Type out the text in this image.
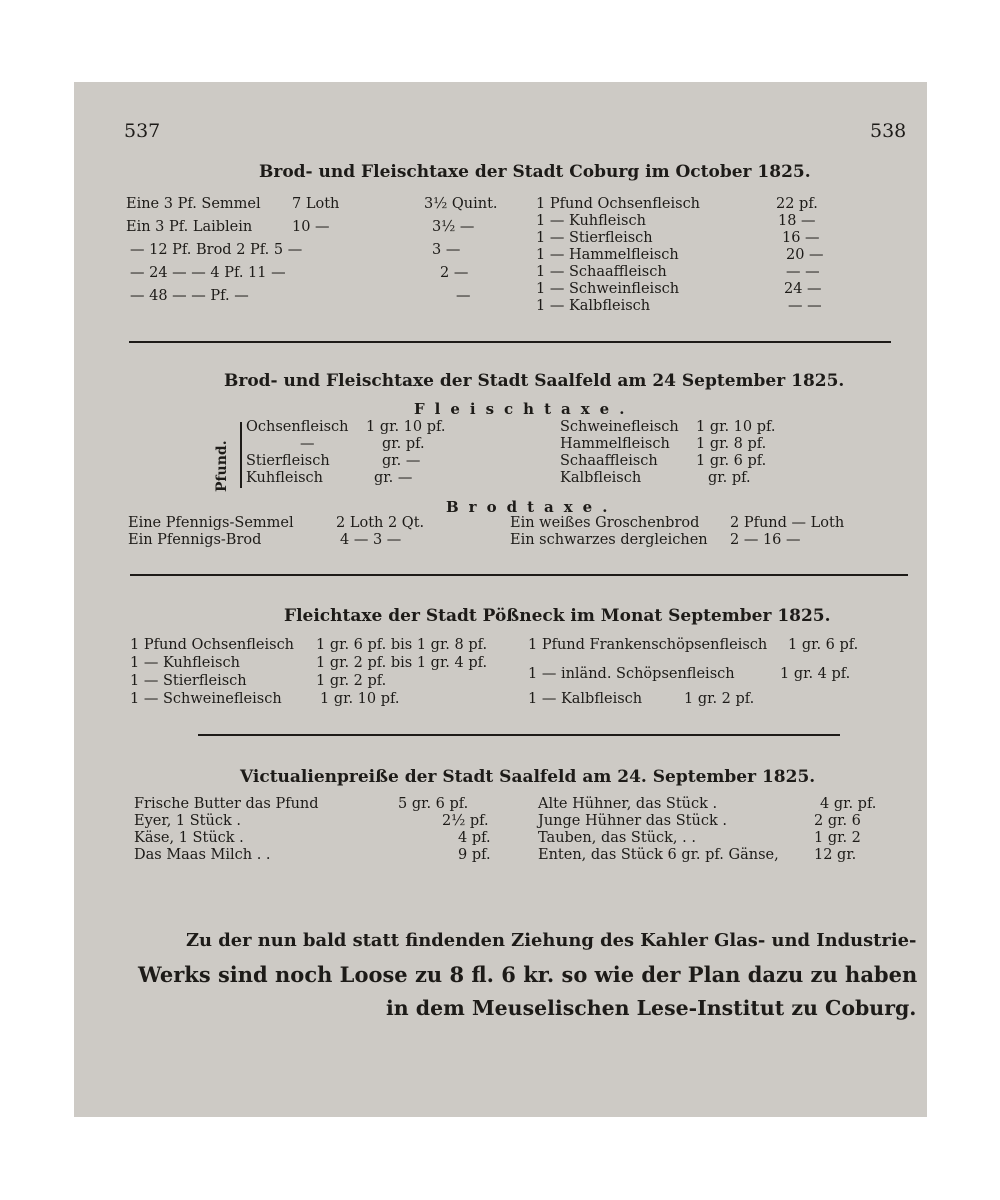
537	538
Brod- und Fleischtaxe der Stadt Coburg im October 1825.
Eine 3 Pf. Semmel 7 Loth	3½ Quint.
Ein 3 Pf. Laiblein	10 —	3½ —
— 12 Pf. Brod 2 Pf. 5 —	3 —
— 24 — — 4 Pf. 11 —	2 —
— 48 — — Pf. —	—
1 Pfund Ochsenfleisch	22 pf.
1 — Kuhfleisch	18 —
1 — Stierfleisch	16 —
1 — Hammelfleisch	20 —
1 — Schaaffleisch	— —
1 — Schweinfleisch	24 —
1 — Kalbfleisch	— —
Brod- und Fleischtaxe der Stadt Saalfeld am 24 September 1825.
Fleischtaxe.
Pfund.
Ochsenfleisch 1 gr. 10 pf.
—	gr. pf.
Stierfleisch	gr. —
Kuhfleisch	gr. —
Schweinefleisch 1 gr. 10 pf.
Hammelfleisch 1 gr. 8 pf.
Schaaffleisch	1 gr. 6 pf.
Kalbfleisch	gr. pf.
Brodtaxe.
Eine Pfennigs-Semmel	2 Loth 2 Qt.
Ein Pfennigs-Brod	4 — 3 —
Ein weißes Groschenbrod 2 Pfund — Loth
Ein schwarzes dergleichen 2 — 16 —
Fleichtaxe der Stadt Pößneck im Monat September 1825.
1 Pfund Ochsenfleisch 1 gr. 6 pf. bis 1 gr. 8 pf.
1 — Kuhfleisch	1 gr. 2 pf. bis 1 gr. 4 pf.
1 — Stierfleisch	1 gr. 2 pf.
1 — Schweinefleisch	1 gr. 10 pf.
1 Pfund Frankenschöpsenfleisch 1 gr. 6 pf.
1 — inländ. Schöpsenfleisch	1 gr. 4 pf.
1 — Kalbfleisch	1 gr. 2 pf.
Victualienpreiße der Stadt Saalfeld am 24. September 1825.
Frische Butter das Pfund	5 gr. 6 pf.
Eyer, 1 Stück .	2½ pf.
Käse, 1 Stück .	4 pf.
Das Maas Milch . .	9 pf.
Alte Hühner, das Stück .	4 gr. pf.
Junge Hühner das Stück .	2 gr. 6
Tauben, das Stück, . .	1 gr. 2
Enten, das Stück 6 gr. pf. Gänse, 12 gr.
Zu der nun bald statt findenden Ziehung des Kahler Glas- und Industrie-
Werks sind noch Loose zu 8 fl. 6 kr. so wie der Plan dazu zu haben
in dem Meuselischen Lese-Institut zu Coburg.
